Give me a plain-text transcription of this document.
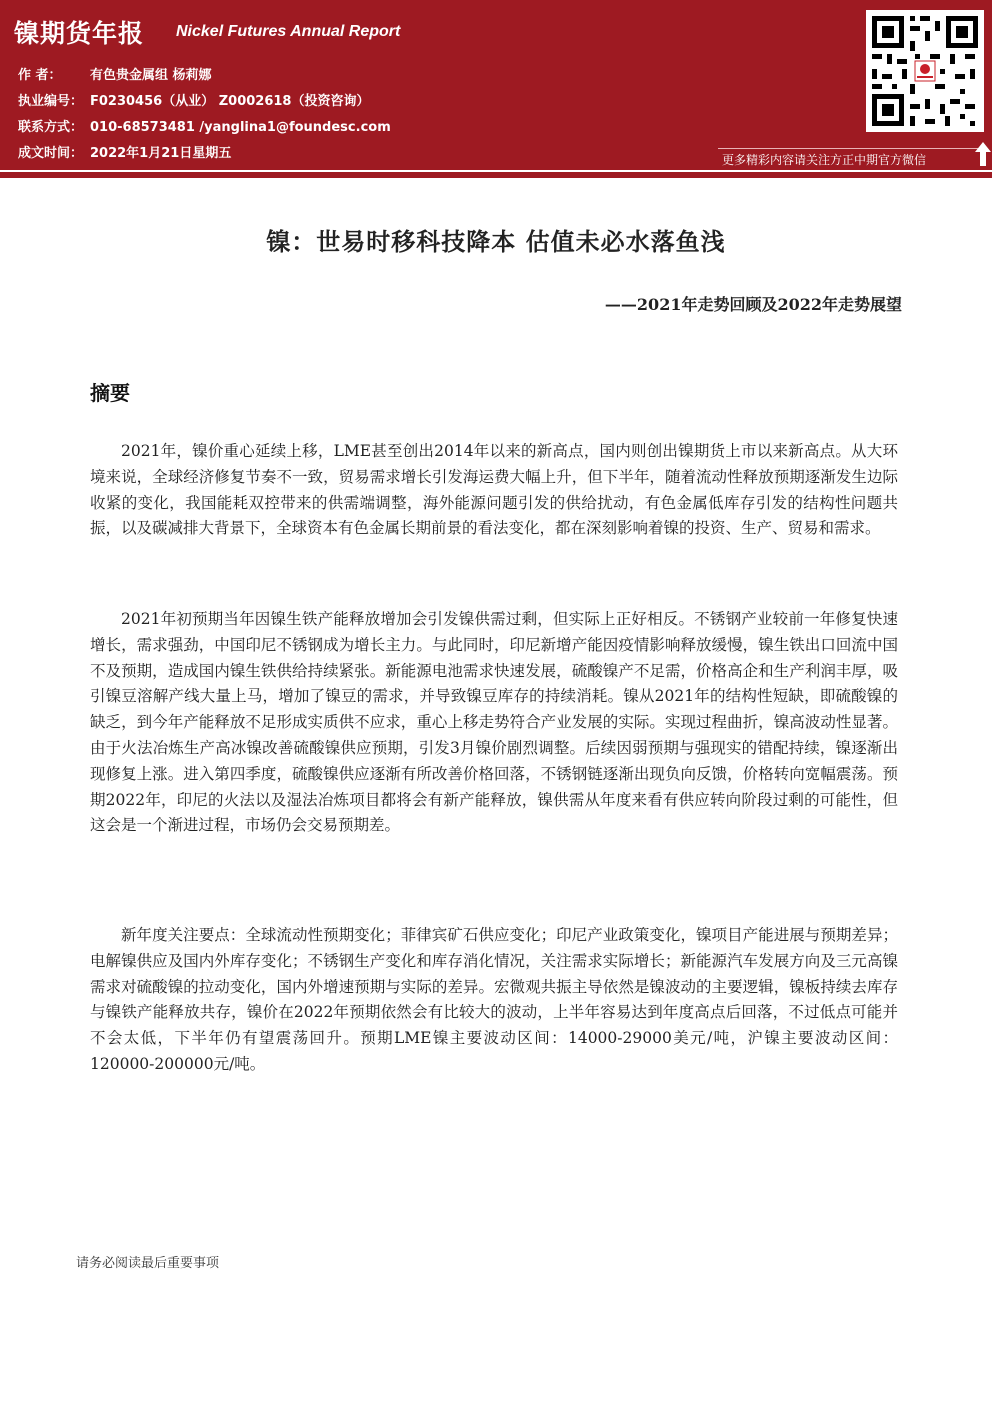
镍期货年报 Nickel Futures Annual Report
作 者： 有色贵金属组 杨莉娜
执业编号： F0230456（从业） Z0002618（投资咨询）
联系方式： 010-68573481 /yanglina1@foundesc.com
成文时间： 2022年1月21日星期五	更多精彩内容请关注方正中期官方微信
镍：世易时移科技降本 估值未必水落鱼浅
——2021年走势回顾及2022年走势展望
摘要

2021年，镍价重心延续上移，LME甚至创出2014年以来的新高点，国内则创出镍期货上市以来新高点。从大环境来说，全球经济修复节奏不一致，贸易需求增长引发海运费大幅上升，但下半年，随着流动性释放预期逐渐发生边际收紧的变化，我国能耗双控带来的供需端调整，海外能源问题引发的供给扰动，有色金属低库存引发的结构性问题共振，以及碳减排大背景下，全球资本有色金属长期前景的看法变化，都在深刻影响着镍的投资、生产、贸易和需求。

2021年初预期当年因镍生铁产能释放增加会引发镍供需过剩，但实际上正好相反。不锈钢产业较前一年修复快速增长，需求强劲，中国印尼不锈钢成为增长主力。与此同时，印尼新增产能因疫情影响释放缓慢，镍生铁出口回流中国不及预期，造成国内镍生铁供给持续紧张。新能源电池需求快速发展，硫酸镍产不足需，价格高企和生产利润丰厚，吸引镍豆溶解产线大量上马，增加了镍豆的需求，并导致镍豆库存的持续消耗。镍从2021年的结构性短缺，即硫酸镍的缺乏，到今年产能释放不足形成实质供不应求，重心上移走势符合产业发展的实际。实现过程曲折，镍高波动性显著。由于火法冶炼生产高冰镍改善硫酸镍供应预期，引发3月镍价剧烈调整。后续因弱预期与强现实的错配持续，镍逐渐出现修复上涨。进入第四季度，硫酸镍供应逐渐有所改善价格回落，不锈钢链逐渐出现负向反馈，价格转向宽幅震荡。预期2022年，印尼的火法以及湿法冶炼项目都将会有新产能释放，镍供需从年度来看有供应转向阶段过剩的可能性，但这会是一个渐进过程，市场仍会交易预期差。

新年度关注要点：全球流动性预期变化；菲律宾矿石供应变化；印尼产业政策变化，镍项目产能进展与预期差异；电解镍供应及国内外库存变化；不锈钢生产变化和库存消化情况，关注需求实际增长；新能源汽车发展方向及三元高镍需求对硫酸镍的拉动变化，国内外增速预期与实际的差异。宏微观共振主导依然是镍波动的主要逻辑，镍板持续去库存与镍铁产能释放共存，镍价在2022年预期依然会有比较大的波动，上半年容易达到年度高点后回落，不过低点可能并不会太低，下半年仍有望震荡回升。预期LME镍主要波动区间：14000-29000美元/吨，沪镍主要波动区间：120000-200000元/吨。

请务必阅读最后重要事项
